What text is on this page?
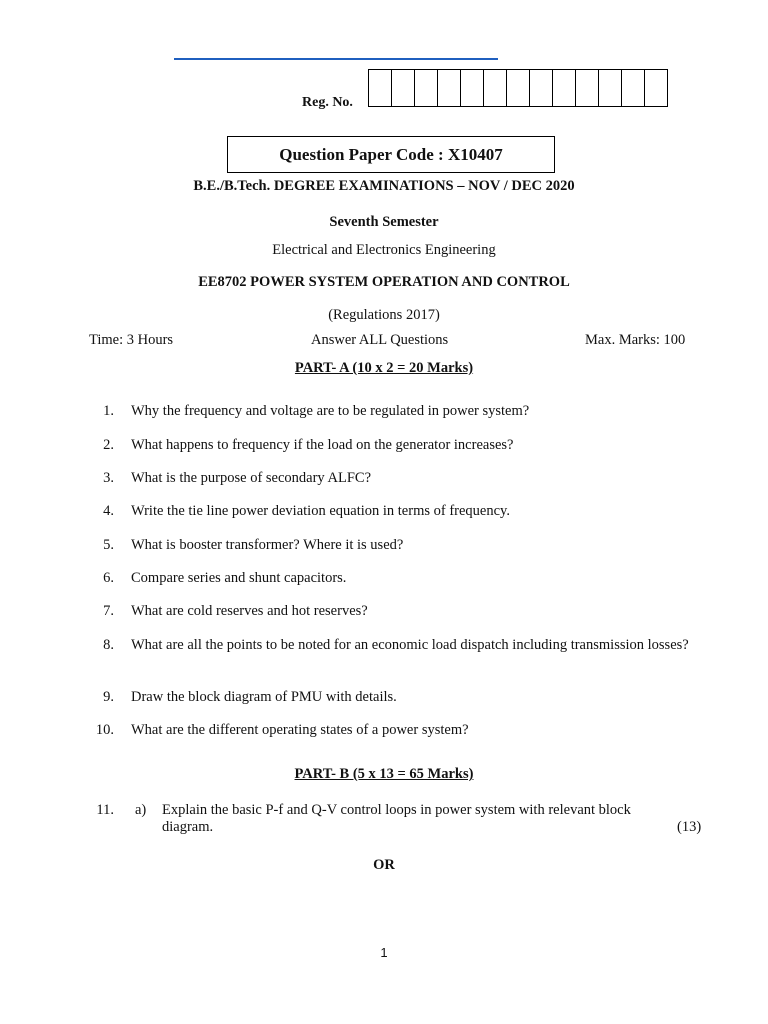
Reg. No.
Question Paper Code : X10407
B.E./B.Tech. DEGREE EXAMINATIONS – NOV / DEC 2020
Seventh Semester
Electrical and Electronics Engineering
EE8702 POWER SYSTEM OPERATION AND CONTROL
(Regulations 2017)
Time: 3 Hours	Answer ALL Questions	Max. Marks: 100
PART- A (10 x 2 = 20 Marks)
1. Why the frequency and voltage are to be regulated in power system?
2. What happens to frequency if the load on the generator increases?
3. What is the purpose of secondary ALFC?
4. Write the tie line power deviation equation in terms of frequency.
5. What is booster transformer? Where it is used?
6. Compare series and shunt capacitors.
7. What are cold reserves and hot reserves?
8. What are all the points to be noted for an economic load dispatch including transmission losses?
9. Draw the block diagram of PMU with details.
10. What are the different operating states of a power system?
PART- B (5 x 13 = 65 Marks)
11. a) Explain the basic P-f and Q-V control loops in power system with relevant block diagram.	(13)
OR
1
